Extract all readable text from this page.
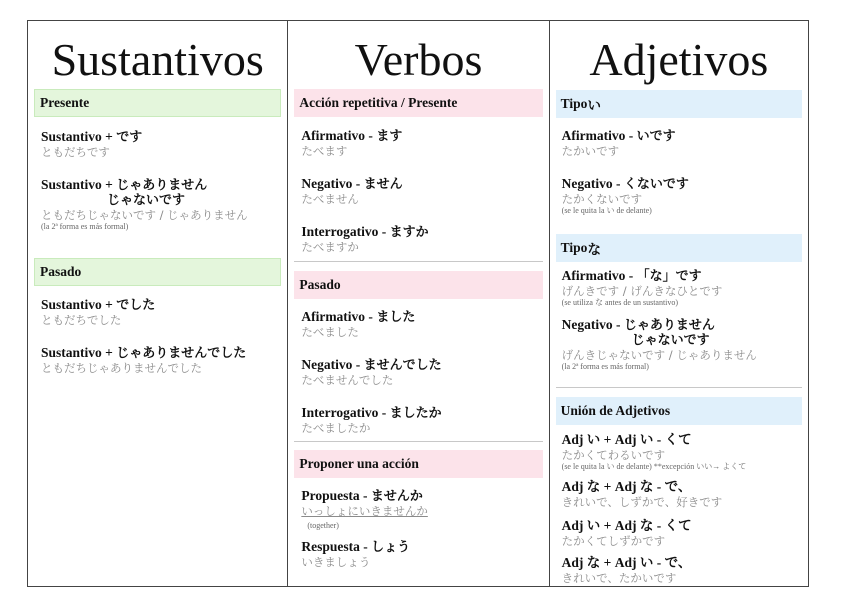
Sustantivos
Presente
Sustantivo + です
ともだちです
Sustantivo + じゃありません
じゃないです
ともだちじゃないです / じゃありません
(la 2ª forma es más formal)
Pasado
Sustantivo + でした
ともだちでした
Sustantivo + じゃありませんでした
ともだちじゃありませんでした
Verbos
Acción repetitiva / Presente
Afirmativo - ます
たべます
Negativo - ません
たべません
Interrogativo - ますか
たべますか
Pasado
Afirmativo - ました
たべました
Negativo - ませんでした
たべませんでした
Interrogativo - ましたか
たべましたか
Proponer una acción
Propuesta - ませんか
いっしょにいきませんか
(together)
Respuesta - しょう
いきましょう
Adjetivos
Tipo い
Afirmativo - いです
たかいです
Negativo - くないです
たかくないです
(se le quita la い de delante)
Tipo な
Afirmativo - 「な」です
げんきです / げんきなひとです
(se utiliza な antes de un sustantivo)
Negativo - じゃありません
じゃないです
げんきじゃないです / じゃありません
(la 2ª forma es más formal)
Unión de Adjetivos
Adj い + Adj い - くて
たかくてわるいです
(se le quita la い de delante) **excepción いい→ よくて
Adj な + Adj な - で、
きれいで、しずかで、好きです
Adj い + Adj な - くて
たかくてしずかです
Adj な + Adj い - で、
きれいで、たかいです
